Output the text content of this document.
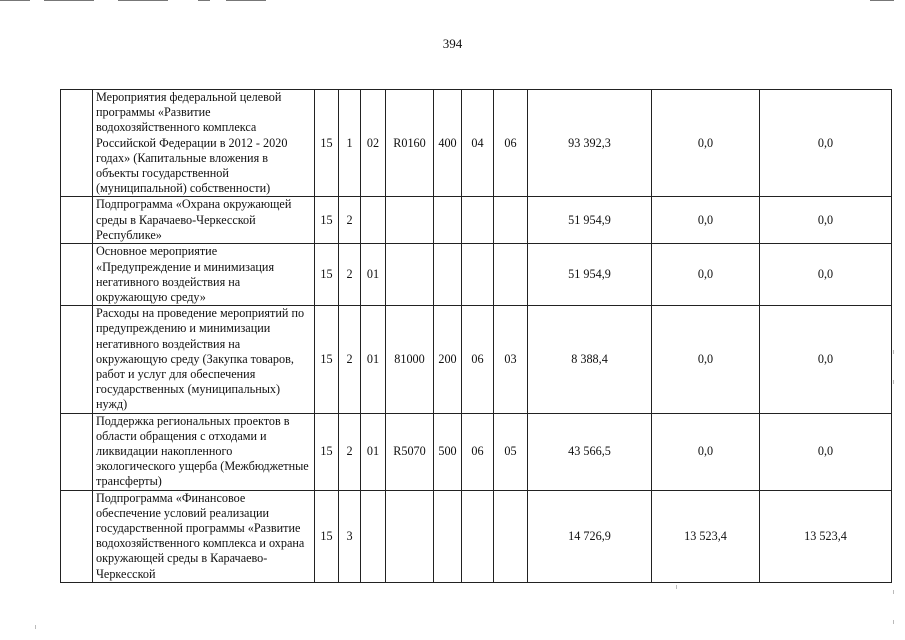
394
	Мероприятия федеральной целевой программы «Развитие водохозяйственного комплекса Российской Федерации в 2012 - 2020 годах» (Капитальные вложения в объекты государственной (муниципальной) собственности)	15	1	02	R0160	400	04	06	93 392,3	0,0	0,0
	Подпрограмма «Охрана окружающей среды в Карачаево-Черкесской Республике»	15	2						51 954,9	0,0	0,0
	Основное мероприятие «Предупреждение и минимизация негативного воздействия на окружающую среду»	15	2	01					51 954,9	0,0	0,0
	Расходы на проведение мероприятий по предупреждению и минимизации негативного воздействия на окружающую среду (Закупка товаров, работ и услуг для обеспечения государственных (муниципальных) нужд)	15	2	01	81000	200	06	03	8 388,4	0,0	0,0
	Поддержка региональных проектов в области обращения с отходами и ликвидации накопленного экологического ущерба (Межбюджетные трансферты)	15	2	01	R5070	500	06	05	43 566,5	0,0	0,0
	Подпрограмма «Финансовое обеспечение условий реализации государственной программы «Развитие водохозяйственного комплекса и охрана окружающей среды в Карачаево-Черкесской	15	3						14 726,9	13 523,4	13 523,4
